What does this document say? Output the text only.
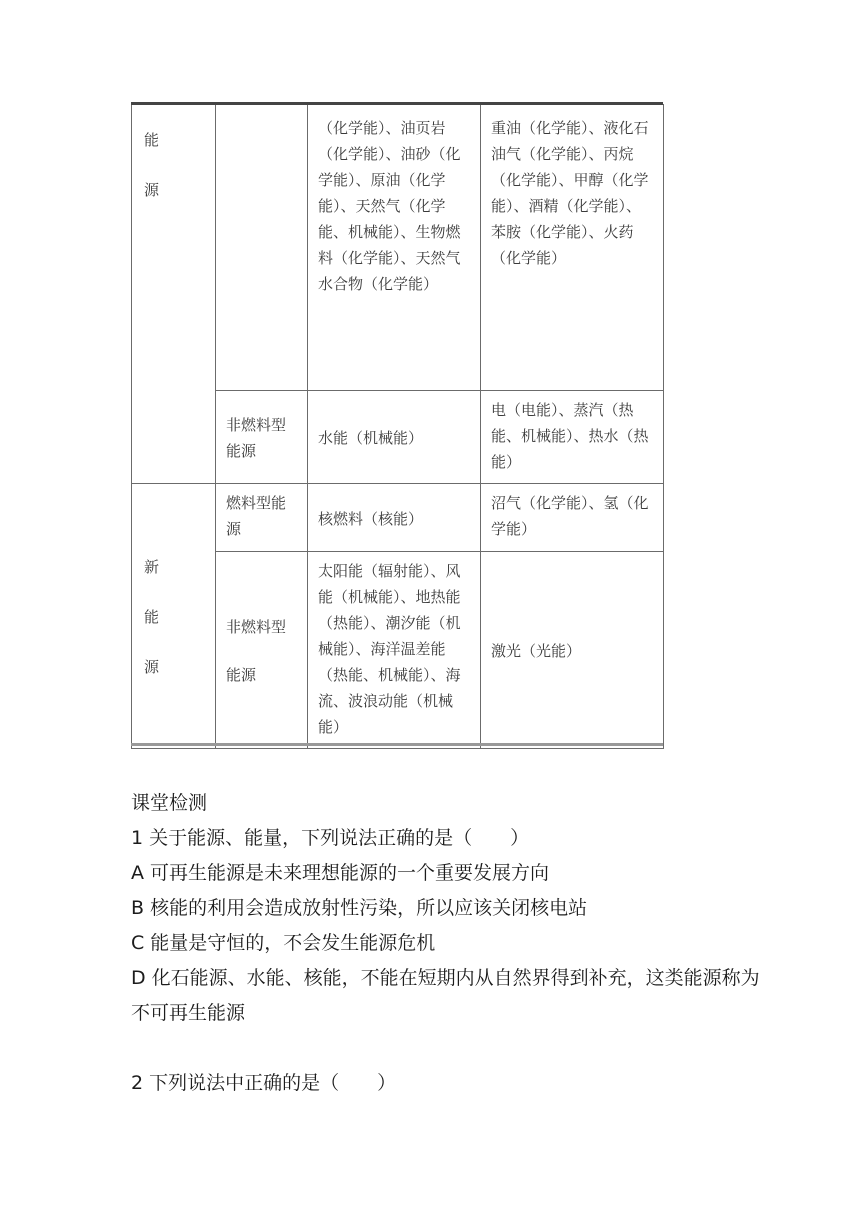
能
源		（化学能）、油页岩（化学能）、油砂（化学能）、原油（化学能）、天然气（化学能、机械能）、生物燃料（化学能）、天然气水合物（化学能）	重油（化学能）、液化石油气（化学能）、丙烷（化学能）、甲醇（化学能）、酒精（化学能）、苯胺（化学能）、火药（化学能）
	非燃料型能源	水能（机械能）	电（电能）、蒸汽（热能、机械能）、热水（热能）

新
能
源	燃料型能源	核燃料（核能）	沼气（化学能）、氢（化学能）
	非燃料型能源	太阳能（辐射能）、风能（机械能）、地热能（热能）、潮汐能（机械能）、海洋温差能（热能、机械能）、海流、波浪动能（机械能）	激光（光能）

课堂检测

1 关于能源、能量，下列说法正确的是（　　）

A 可再生能源是未来理想能源的一个重要发展方向

B 核能的利用会造成放射性污染，所以应该关闭核电站

C 能量是守恒的，不会发生能源危机

D 化石能源、水能、核能，不能在短期内从自然界得到补充，这类能源称为不可再生能源

2 下列说法中正确的是（　　）
